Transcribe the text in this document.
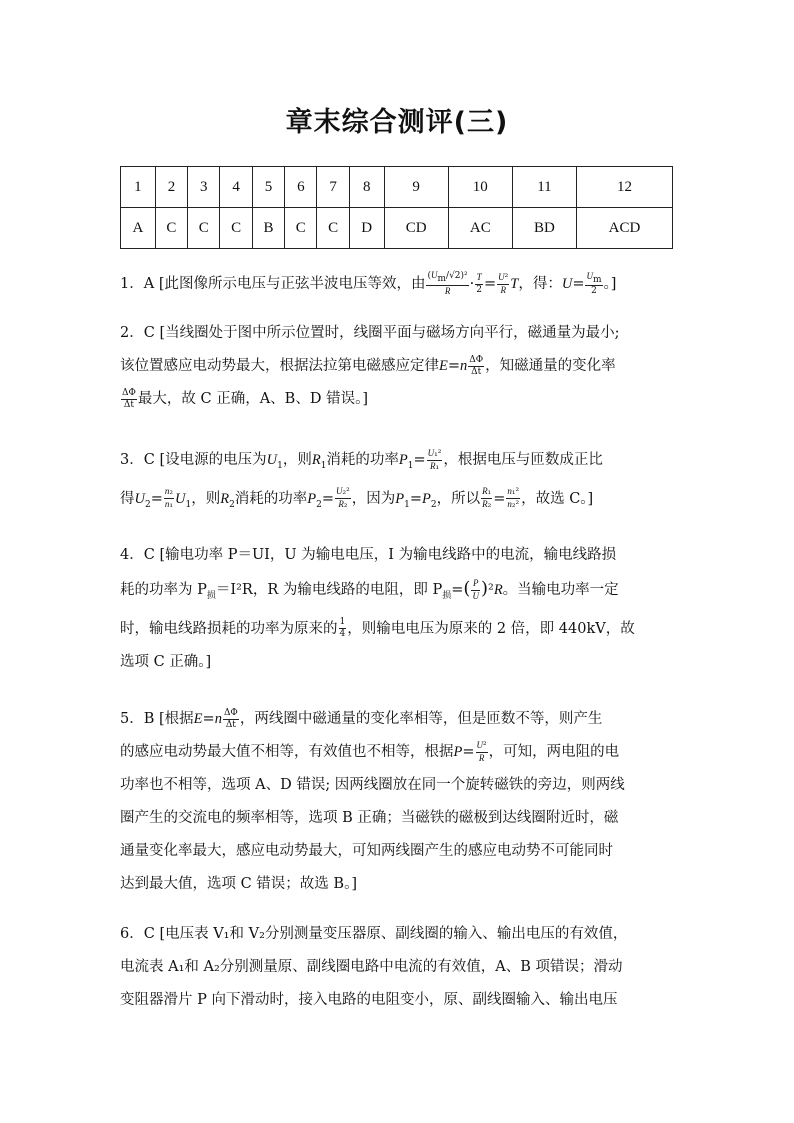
章末综合测评(三)
1	2	3	4	5	6	7	8	9	10	11	12
A	C	C	C	B	C	C	D	CD	AC	BD	ACD

1．A [此图像所示电压与正弦半波电压等效，由 $\frac{(U_m/√2)^2}{R} \cdot \frac{T}{2} = \frac{\text{U²}}{R}$ T，得：$U= \frac{U_m}{2}$ 。]

2．C [当线圈处于图中所示位置时，线圈平面与磁场方向平行，磁通量为最小;
该位置感应电动势最大，根据法拉第电磁感应定律$E=n \frac{\Delta\Phi}{\Delta t}$ ，知磁通量的变化率

$\frac{\Delta\Phi}{\Delta t}$ 最大，故 C 正确，A、B、D 错误。]

3．C [设电源的电压为$U_1$，则$R_1$消耗的功率$P_1= \frac{\text{U₁²}}{\text{R₁}}$ ，根据电压与匝数成正比
得$U_2= \frac{\text{n₂}}{\text{n₁}} U_1$，则$R_2$消耗的功率$P_2= \frac{\text{U₂²}}{\text{R₂}}$ ，因为$P_1=P_2$，所以 $\frac{\text{R₁}}{\text{R₂}} = \frac{\text{n₁²}}{\text{n₂²}}$ ，故选 C。]

4．C [输电功率 P＝UI，U 为输电电压，I 为输电线路中的电流，输电线路损
耗的功率为 $P_损=I^2R$，R 为输电线路的电阻，即 $P_损=( \frac{P}{U} )^2R$。当输电功率一定
时，输电线路损耗的功率为原来的 $\frac{1}{4}$ ，则输电电压为原来的 2 倍，即 440kV，故
选项 C 正确。]

5．B [根据$E=n \frac{\Delta\Phi}{\Delta t}$ ，两线圈中磁通量的变化率相等，但是匝数不等，则产生
的感应电动势最大值不相等，有效值也不相等，根据$P= \frac{\text{U²}}{R}$ ，可知，两电阻的电
功率也不相等，选项 A、D 错误; 因两线圈放在同一个旋转磁铁的旁边，则两线
圈产生的交流电的频率相等，选项 B 正确；当磁铁的磁极到达线圈附近时，磁
通量变化率最大，感应电动势最大，可知两线圈产生的感应电动势不可能同时
达到最大值，选项 C 错误；故选 B。]

6．C [电压表 V₁和 V₂分别测量变压器原、副线圈的输入、输出电压的有效值，
电流表 A₁和 A₂分别测量原、副线圈电路中电流的有效值，A、B 项错误；滑动
变阻器滑片 P 向下滑动时，接入电路的电阻变小，原、副线圈输入、输出电压
